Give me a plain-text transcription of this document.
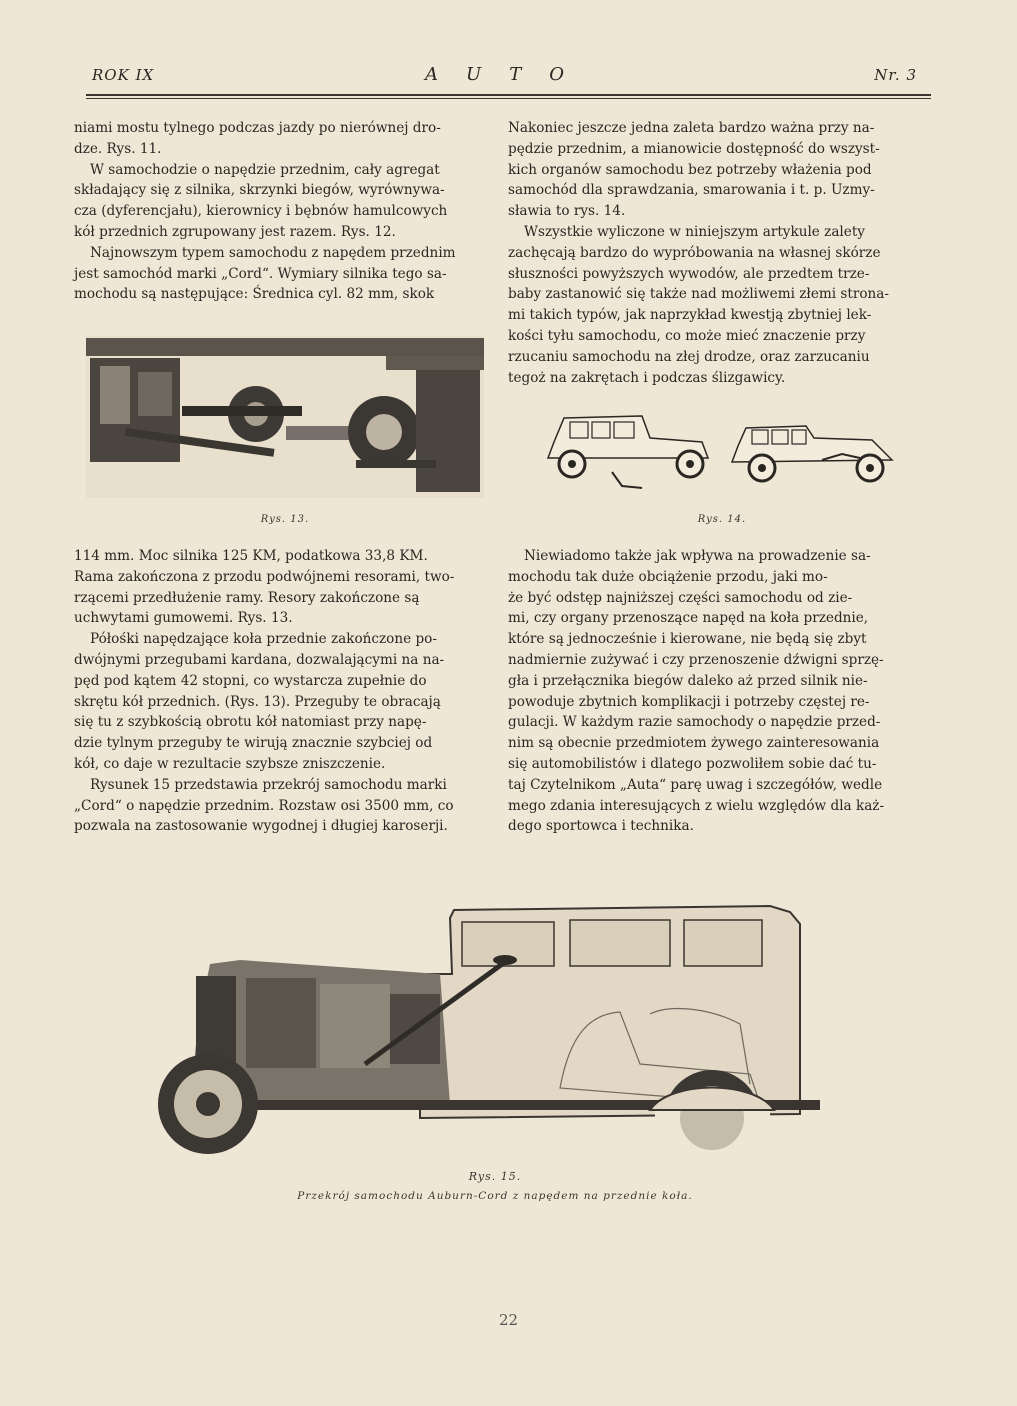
ROK IX	AUTO	Nr. 3

niami mostu tylnego podczas jazdy po nierównej dro-

dze. Rys. 11.

W samochodzie o napędzie przednim, cały agregat

składający się z silnika, skrzynki biegów, wyrównywa-

cza (dyferencjału), kierownicy i bębnów hamulcowych

kół przednich zgrupowany jest razem. Rys. 12.

Najnowszym typem samochodu z napędem przednim

jest samochód marki „Cord“. Wymiary silnika tego sa-

mochodu są następujące: Średnica cyl. 82 mm, skok

Nakoniec jeszcze jedna zaleta bardzo ważna przy na-

pędzie przednim, a mianowicie dostępność do wszyst-

kich organów samochodu bez potrzeby włażenia pod

samochód dla sprawdzania, smarowania i t. p. Uzmy-

sławia to rys. 14.

Wszystkie wyliczone w niniejszym artykule zalety

zachęcają bardzo do wypróbowania na własnej skórze

słuszności powyższych wywodów, ale przedtem trze-

baby zastanowić się także nad możliwemi złemi strona-

mi takich typów, jak naprzykład kwestją zbytniej lek-

kości tyłu samochodu, co może mieć znaczenie przy

rzucaniu samochodu na złej drodze, oraz zarzucaniu

tegoż na zakrętach i podczas ślizgawicy.

Rys. 13.	Rys. 14.

114 mm. Moc silnika 125 KM, podatkowa 33,8 KM.

Rama zakończona z przodu podwójnemi resorami, two-

rzącemi przedłużenie ramy. Resory zakończone są

uchwytami gumowemi. Rys. 13.

Półośki napędzające koła przednie zakończone po-

dwójnymi przegubami kardana, dozwalającymi na na-

pęd pod kątem 42 stopni, co wystarcza zupełnie do

skrętu kół przednich. (Rys. 13). Przeguby te obracają

się tu z szybkością obrotu kół natomiast przy napę-

dzie tylnym przeguby te wirują znacznie szybciej od

kół, co daje w rezultacie szybsze zniszczenie.

Rysunek 15 przedstawia przekrój samochodu marki

„Cord“ o napędzie przednim. Rozstaw osi 3500 mm, co

pozwala na zastosowanie wygodnej i długiej karoserji.

Niewiadomo także jak wpływa na prowadzenie sa-

mochodu tak duże obciążenie przodu, jaki mo-

że być odstęp najniższej części samochodu od zie-

mi, czy organy przenoszące napęd na koła przednie,

które są jednocześnie i kierowane, nie będą się zbyt

nadmiernie zużywać i czy przenoszenie dźwigni sprzę-

gła i przełącznika biegów daleko aż przed silnik nie-

powoduje zbytnich komplikacji i potrzeby częstej re-

gulacji. W każdym razie samochody o napędzie przed-

nim są obecnie przedmiotem żywego zainteresowania

się automobilistów i dlatego pozwoliłem sobie dać tu-

taj Czytelnikom „Auta“ parę uwag i szczegółów, wedle

mego zdania interesujących z wielu względów dla każ-

dego sportowca i technika.

Rys. 15.
Przekrój samochodu Auburn-Cord z napędem na przednie koła.
22
